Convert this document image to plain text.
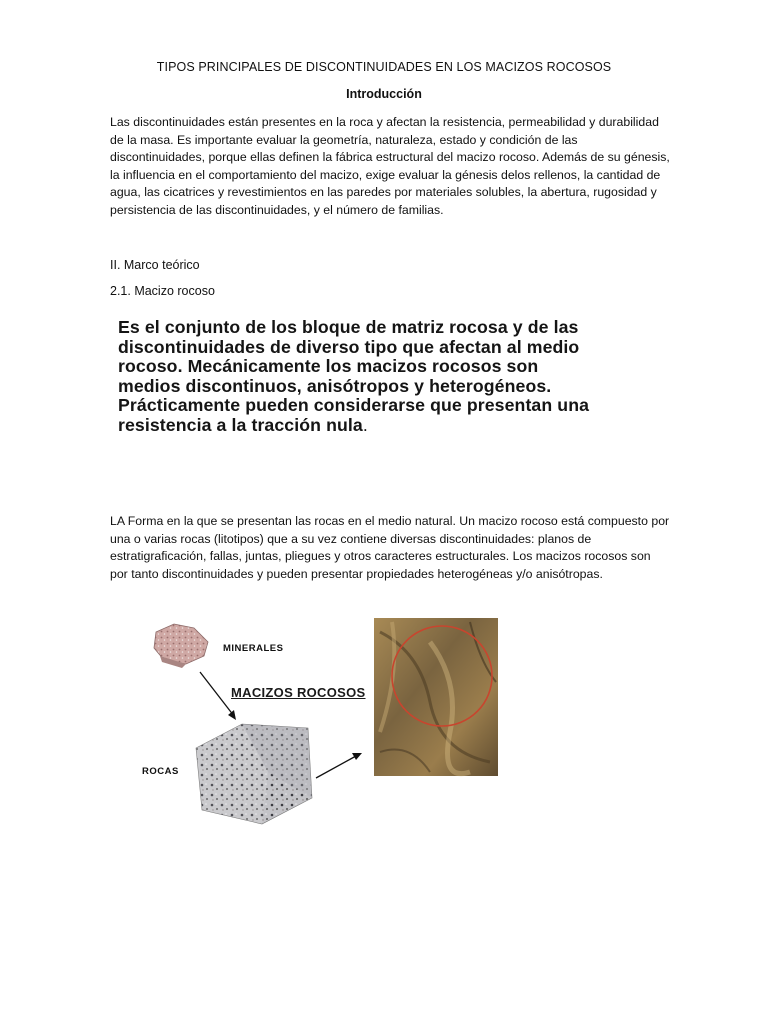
TIPOS PRINCIPALES DE DISCONTINUIDADES EN LOS MACIZOS ROCOSOS
Introducción
Las discontinuidades están presentes en la roca y afectan la resistencia, permeabilidad y durabilidad de la masa. Es importante evaluar la geometría, naturaleza, estado y condición de las discontinuidades, porque ellas definen la fábrica estructural del macizo rocoso. Además de su génesis, la influencia en el comportamiento del macizo, exige evaluar la génesis delos rellenos, la cantidad de agua, las cicatrices y revestimientos en las paredes por materiales solubles, la abertura, rugosidad y persistencia de las discontinuidades, y el número de familias.
II. Marco teórico
2.1. Macizo rocoso
Es el conjunto de los bloque de matriz rocosa y de las discontinuidades de diverso tipo que afectan al medio rocoso. Mecánicamente los macizos rocosos son medios discontinuos, anisótropos y heterogéneos. Prácticamente pueden considerarse que presentan una resistencia a la tracción nula.
LA Forma en la que se presentan las rocas en el medio natural. Un macizo rocoso está compuesto por una o varias rocas (litotipos) que a su vez contiene diversas discontinuidades: planos de estratigraficación, fallas, juntas, pliegues y otros caracteres estructurales. Los macizos rocosos son por tanto discontinuidades y pueden presentar propiedades heterogéneas y/o anisótropas.
MINERALES
MACIZOS ROCOSOS
ROCAS
